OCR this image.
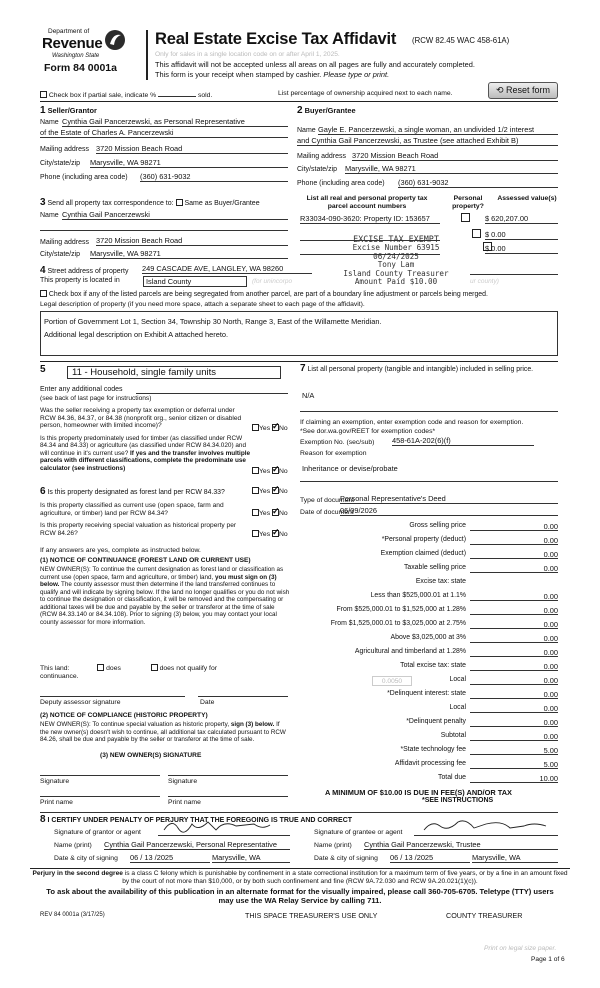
Department of
Revenue
Washington State
Form 84 0001a
Real Estate Excise Tax Affidavit (RCW 82.45 WAC 458-61A)
Only for sales in a single location code on or after April 1, 2025.
This affidavit will not be accepted unless all areas on all pages are fully and accurately completed.
This form is your receipt when stamped by cashier. Please type or print.
Check box if partial sale, indicate %	sold.	List percentage of ownership acquired next to each name.	⟲ Reset form
1 Seller/Grantor
Name Cynthia Gail Pancerzewski, as Personal Representative
of the Estate of Charles A. Pancerzewski
Mailing address 3720 Mission Beach Road
City/state/zip Marysville, WA 98271
Phone (including area code) (360) 631-9032
2 Buyer/Grantee
Name Gayle E. Pancerzewski, a single woman, an undivided 1/2 interest
and Cynthia Gail Pancerzewski, as Trustee (see attached Exhibit B)
Mailing address 3720 Mission Beach Road
City/state/zip Marysville, WA 98271
Phone (including area code) (360) 631-9032
3 Send all property tax correspondence to: Same as Buyer/Grantee
Name Cynthia Gail Pancerzewski
Mailing address 3720 Mission Beach Road
City/state/zip Marysville, WA 98271
List all real and personal property tax parcel account numbers
Personal property?
Assessed value(s)
R33034-090-3620: Property ID: 153657
	$ 620,207.00

$ 0.00
$ 0.00
EXCISE TAX EXEMPT
Excise Number 63915
06/24/2025
Tony Lam
Island County Treasurer
Amount Paid $10.00
4 Street address of property 249 CASCADE AVE, LANGLEY, WA 98260
This property is located in	Island County	(for unincorpo	ur county)
Check box if any of the listed parcels are being segregated from another parcel, are part of a boundary line adjustment or parcels being merged.
Legal description of property (if you need more space, attach a separate sheet to each page of the affidavit).
Portion of Government Lot 1, Section 34, Township 30 North, Range 3, East of the Willamette Meridian.
Additional legal description on Exhibit A attached hereto.
5	11 - Household, single family units
Enter any additional codes
(see back of last page for instructions)
Was the seller receiving a property tax exemption or deferral under RCW 84.36, 84.37, or 84.38 (nonprofit org., senior citizen or disabled person, homeowner with limited income)?	Yes ✓ No
Is this property predominately used for timber (as classified under RCW 84.34 and 84.33) or agriculture (as classified under RCW 84.34.020) and will continue in it's current use? If yes and the transfer involves multiple parcels with different classifications, complete the predominate use calculator (see instructions)	Yes ✓ No
6 Is this property designated as forest land per RCW 84.33?	Yes ✓ No
Is this property classified as current use (open space, farm and agriculture, or timber) land per RCW 84.34?	Yes ✓ No
Is this property receiving special valuation as historical property per RCW 84.26?	Yes ✓ No
If any answers are yes, complete as instructed below.
(1) NOTICE OF CONTINUANCE (FOREST LAND OR CURRENT USE)
NEW OWNER(S): To continue the current designation as forest land or classification as current use (open space, farm and agriculture, or timber) land, you must sign on (3) below. The county assessor must then determine if the land transferred continues to qualify and will indicate by signing below. If the land no longer qualifies or you do not wish to continue the designation or classification, it will be removed and the compensating or additional taxes will be due and payable by the seller or transferor at the time of sale (RCW 84.33.140 or 84.34.108). Prior to signing (3) below, you may contact your local county assessor for more information.
This land:	does	does not qualify for
continuance.
Deputy assessor signature	Date
(2) NOTICE OF COMPLIANCE (HISTORIC PROPERTY)
NEW OWNER(S): To continue special valuation as historic property, sign (3) below. If the new owner(s) doesn't wish to continue, all additional tax calculated pursuant to RCW 84.26, shall be due and payable by the seller or transferor at the time of sale.
(3) NEW OWNER(S) SIGNATURE
Signature	Signature
Print name	Print name
7 List all personal property (tangible and intangible) included in selling price.
N/A
If claiming an exemption, enter exemption code and reason for exemption. *See dor.wa.gov/REET for exemption codes*
Exemption No. (sec/sub) 458-61A-202(6)(f)
Reason for exemption
Inheritance or devise/probate
Type of document
Personal Representative's Deed
Date of document
06/09/2026
Gross selling price	0.00
*Personal property (deduct)	0.00
Exemption claimed (deduct)	0.00
Taxable selling price	0.00
Excise tax: state
Less than $525,000.01 at 1.1%	0.00
From $525,000.01 to $1,525,000 at 1.28%	0.00
From $1,525,000.01 to $3,025,000 at 2.75%	0.00
Above $3,025,000 at 3%	0.00
Agricultural and timberland at 1.28%	0.00
Total excise tax: state	0.00
0.0050	Local	0.00
*Delinquent interest: state	0.00
Local	0.00
*Delinquent penalty	0.00
Subtotal	0.00
*State technology fee	5.00
Affidavit processing fee	5.00
Total due	10.00
A MINIMUM OF $10.00 IS DUE IN FEE(S) AND/OR TAX
*SEE INSTRUCTIONS
8 I CERTIFY UNDER PENALTY OF PERJURY THAT THE FOREGOING IS TRUE AND CORRECT
Signature of grantor or agent
Name (print) Cynthia Gail Pancerzewski, Personal Representative
Date & city of signing 06 / 13 /2025	Marysville, WA
Signature of grantee or agent
Name (print) Cynthia Gail Pancerzewski, Trustee
Date & city of signing 06 / 13 /2025	Marysville, WA
Perjury in the second degree is a class C felony which is punishable by confinement in a state correctional institution for a maximum term of five years, or by a fine in an amount fixed by the court of not more than $10,000, or by both such confinement and fine (RCW 9A.72.030 and RCW 9A.20.021(1)(c)).
To ask about the availability of this publication in an alternate format for the visually impaired, please call 360-705-6705. Teletype (TTY) users may use the WA Relay Service by calling 711.
REV 84 0001a (3/17/25)	THIS SPACE TREASURER'S USE ONLY	COUNTY TREASURER
Print on legal size paper.
Page 1 of 6
